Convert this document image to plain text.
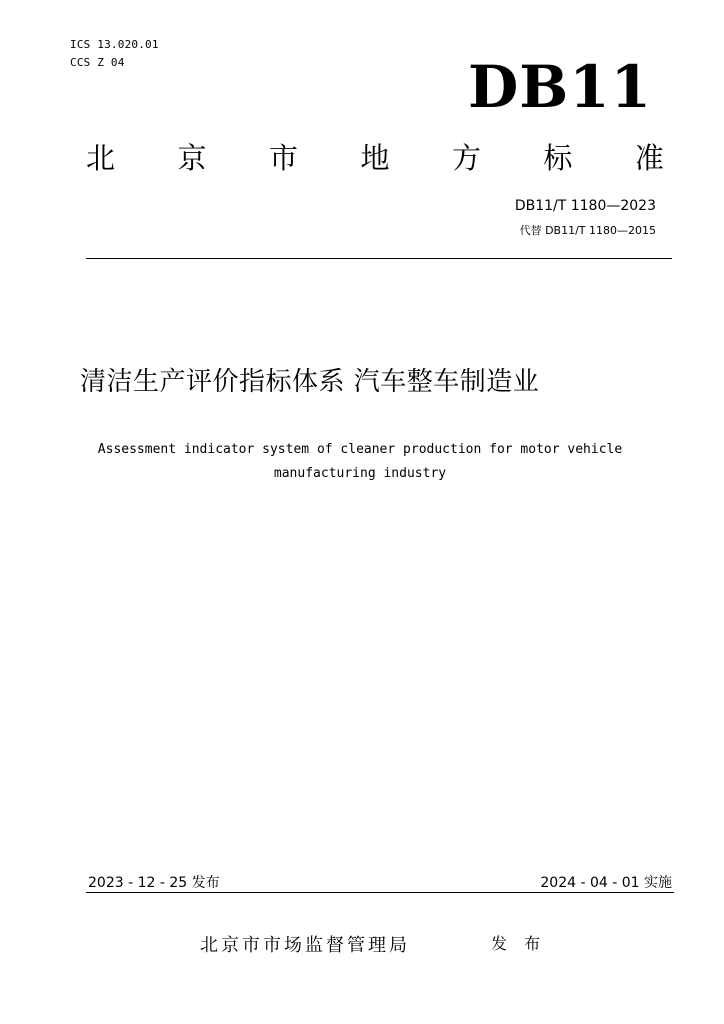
ICS 13.020.01
CCS Z 04	DB11
北 京 市 地 方 标 准
DB11/T 1180—2023
代替 DB11/T 1180—2015
清洁生产评价指标体系 汽车整车制造业
Assessment indicator system of cleaner production for motor vehicle
manufacturing industry
2023 - 12 - 25 发布	2024 - 04 - 01 实施
北京市市场监督管理局	发 布
